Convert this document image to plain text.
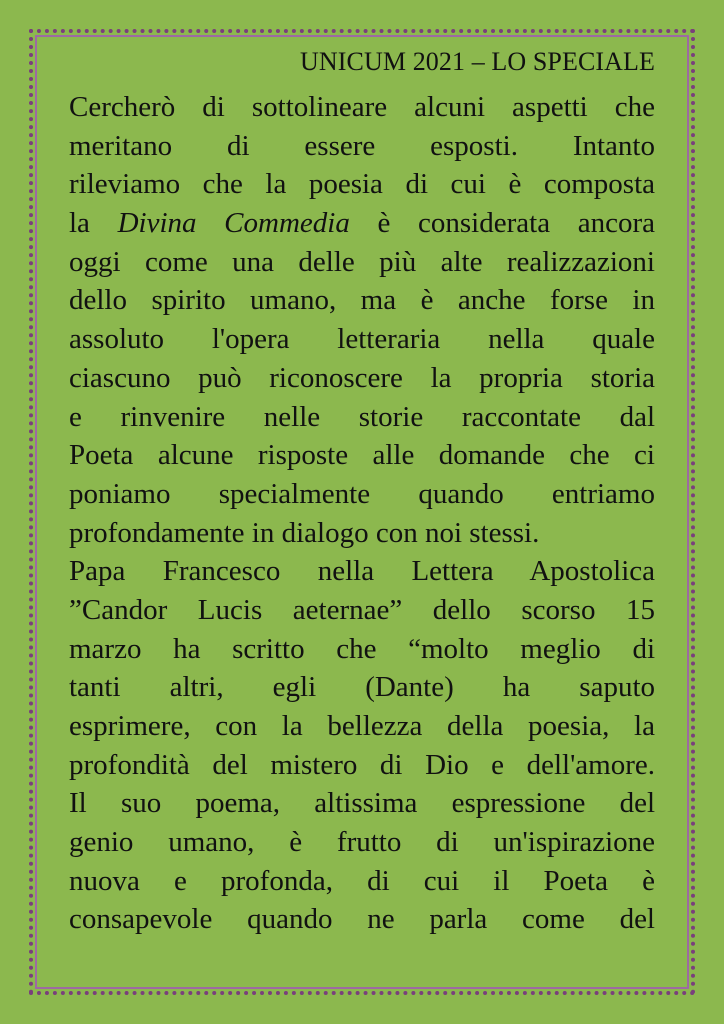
UNICUM 2021 – LO SPECIALE
Cercherò di sottolineare alcuni aspetti che
meritano di essere esposti. Intanto
rileviamo che la poesia di cui è composta
la Divina Commedia è considerata ancora
oggi come una delle più alte realizzazioni
dello spirito umano, ma è anche forse in
assoluto l'opera letteraria nella quale
ciascuno può riconoscere la propria storia
e rinvenire nelle storie raccontate dal
Poeta alcune risposte alle domande che ci
poniamo specialmente quando entriamo
profondamente in dialogo con noi stessi.
Papa Francesco nella Lettera Apostolica
”Candor Lucis aeternae” dello scorso 15
marzo ha scritto che “molto meglio di
tanti altri, egli (Dante) ha saputo
esprimere, con la bellezza della poesia, la
profondità del mistero di Dio e dell'amore.
Il suo poema, altissima espressione del
genio umano, è frutto di un'ispirazione
nuova e profonda, di cui il Poeta è
consapevole quando ne parla come del
